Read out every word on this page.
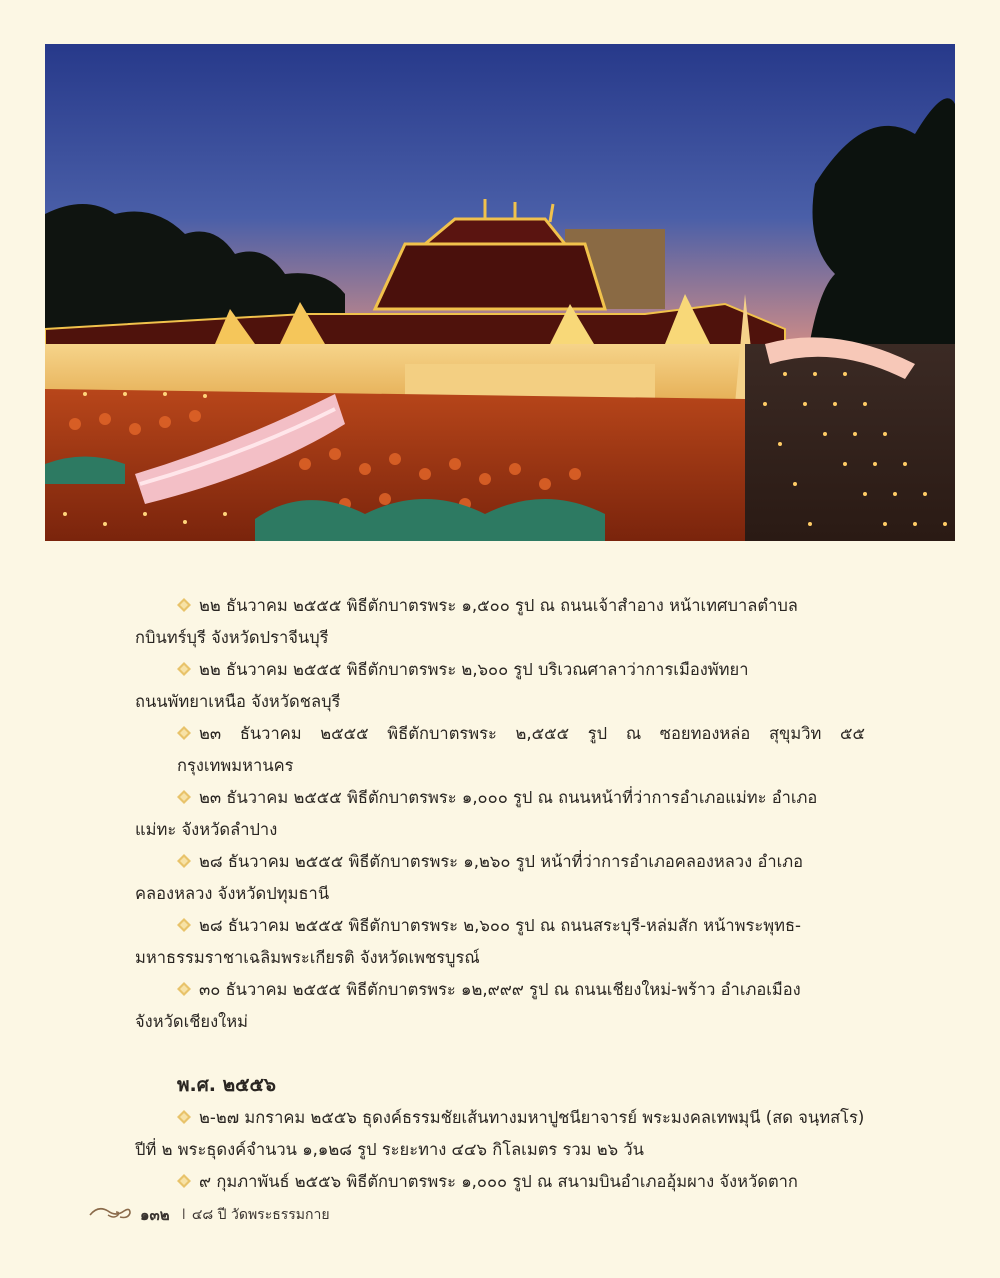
๒๒ ธันวาคม ๒๕๕๕ พิธีตักบาตรพระ ๑,๕๐๐ รูป ณ ถนนเจ้าสำอาง หน้าเทศบาลตำบล
กบินทร์บุรี จังหวัดปราจีนบุรี

๒๒ ธันวาคม ๒๕๕๕ พิธีตักบาตรพระ ๒,๖๐๐ รูป บริเวณศาลาว่าการเมืองพัทยา
ถนนพัทยาเหนือ จังหวัดชลบุรี

๒๓ ธันวาคม ๒๕๕๕ พิธีตักบาตรพระ ๒,๕๕๕ รูป ณ ซอยทองหล่อ สุขุมวิท ๕๕ กรุงเทพมหานคร

๒๓ ธันวาคม ๒๕๕๕ พิธีตักบาตรพระ ๑,๐๐๐ รูป ณ ถนนหน้าที่ว่าการอำเภอแม่ทะ อำเภอ
แม่ทะ จังหวัดลำปาง

๒๘ ธันวาคม ๒๕๕๕ พิธีตักบาตรพระ ๑,๒๖๐ รูป หน้าที่ว่าการอำเภอคลองหลวง อำเภอ
คลองหลวง จังหวัดปทุมธานี

๒๘ ธันวาคม ๒๕๕๕ พิธีตักบาตรพระ ๒,๖๐๐ รูป ณ ถนนสระบุรี-หล่มสัก หน้าพระพุทธ-
มหาธรรมราชาเฉลิมพระเกียรติ จังหวัดเพชรบูรณ์

๓๐ ธันวาคม ๒๕๕๕ พิธีตักบาตรพระ ๑๒,๙๙๙ รูป ณ ถนนเชียงใหม่-พร้าว อำเภอเมือง
จังหวัดเชียงใหม่

พ.ศ. ๒๕๕๖

๒-๒๗ มกราคม ๒๕๕๖ ธุดงค์ธรรมชัยเส้นทางมหาปูชนียาจารย์ พระมงคลเทพมุนี (สด จนฺทสโร)
ปีที่ ๒ พระธุดงค์จำนวน ๑,๑๒๘ รูป ระยะทาง ๔๔๖ กิโลเมตร รวม ๒๖ วัน

๙ กุมภาพันธ์ ๒๕๕๖ พิธีตักบาตรพระ ๑,๐๐๐ รูป ณ สนามบินอำเภออุ้มผาง จังหวัดตาก

๑๓๒ I ๔๘ ปี วัดพระธรรมกาย
